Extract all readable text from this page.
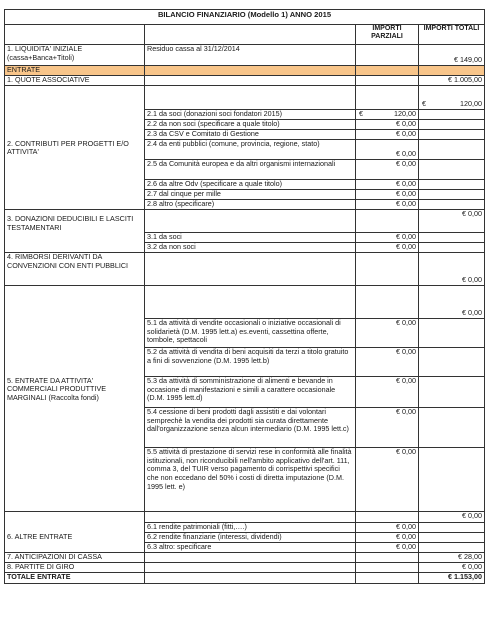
BILANCIO FINANZIARIO (Modello 1) ANNO 2015			
		IMPORTI PARZIALI	IMPORTI TOTALI
1. LIQUIDITA' INIZIALE (cassa+Banca+Titoli)	Residuo cassa al 31/12/2014		€ 149,00
ENTRATE			
1. QUOTE ASSOCIATIVE			€ 1.005,00

			€ 120,00

	2.1 da soci (donazioni soci fondatori 2015)	€ 120,00	

	2.2 da non soci (specificare a quale titolo)	€ 0,00	
	2.3 da CSV e Comitato di Gestione	€ 0,00	
2. CONTRIBUTI PER PROGETTI E/O ATTIVITA'	2.4 da enti pubblici (comune, provincia, regione, stato)	€ 0,00	
	2.5 da Comunità europea e da altri organismi internazionali	€ 0,00	
	2.6 da altre Odv (specificare a quale titolo)	€ 0,00	
	2.7 dal cinque per mille	€ 0,00	
	2.8 altro (specificare)	€ 0,00	
3. DONAZIONI DEDUCIBILI E LASCITI TESTAMENTARI			€ 0,00
	3.1 da soci	€ 0,00	
	3.2 da non soci	€ 0,00	
4. RIMBORSI DERIVANTI DA CONVENZIONI CON ENTI PUBBLICI			€ 0,00
			€ 0,00
	5.1 da attività di vendite occasionali o iniziative occasionali di solidarietà (D.M. 1995 lett.a) es.eventi, cassettina offerte, tombole, spettacoli	€ 0,00	
	5.2 da attività di vendita di beni acquisiti da terzi a titolo gratuito a fini di sovvenzione (D.M. 1995 lett.b)	€ 0,00	
5. ENTRATE DA ATTIVITA' COMMERCIALI PRODUTTIVE MARGINALI (Raccolta fondi)	5.3 da attività di somministrazione di alimenti e bevande in occasione di manifestazioni e simili a carattere occasionale (D.M. 1995 lett.d)	€ 0,00	
	5.4 cessione di beni prodotti dagli assistiti e dai volontari semprechè la vendita dei prodotti sia curata direttamente dall'organizzazione senza alcun intermediario (D.M. 1995 lett.c)	€ 0,00	
	5.5 attività di prestazione di servizi rese in conformità alle finalità istituzionali, non riconducibili nell'ambito applicativo dell'art. 111, comma 3, del TUIR verso pagamento di corrispettivi specifici che non eccedano del 50% i costi di diretta imputazione (D.M. 1995 lett. e)	€ 0,00	
			€ 0,00
	6.1 rendite patrimoniali (fitti,….)	€ 0,00	
6. ALTRE ENTRATE	6.2 rendite finanziarie (interessi, dividendi)	€ 0,00	
	6.3 altro: specificare	€ 0,00	
7. ANTICIPAZIONI DI CASSA			€ 28,00
8. PARTITE DI GIRO			€ 0,00
TOTALE ENTRATE			€ 1.153,00
